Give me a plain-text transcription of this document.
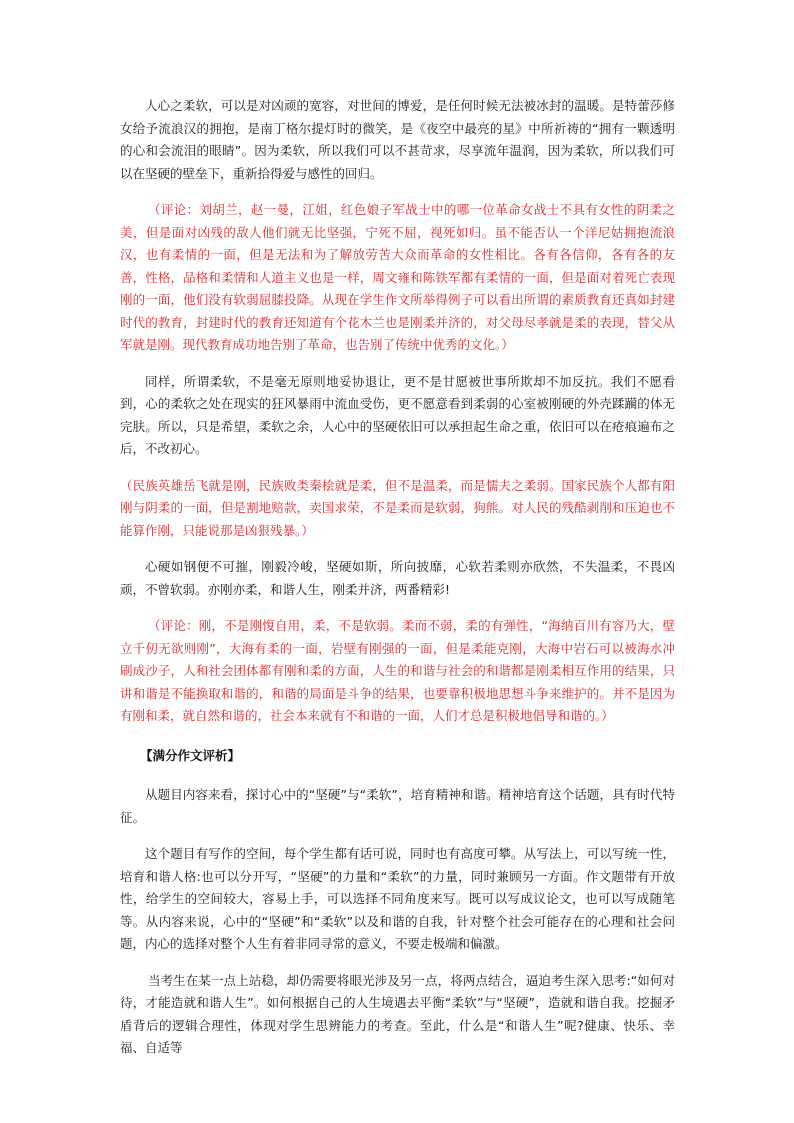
人心之柔软，可以是对凶顽的宽容，对世间的博爱，是任何时候无法被冰封的温暖。是特蕾莎修女给予流浪汉的拥抱，是南丁格尔提灯时的微笑，是《夜空中最亮的星》中所祈祷的“拥有一颗透明的心和会流泪的眼睛”。因为柔软，所以我们可以不甚苛求，尽享流年温润，因为柔软，所以我们可以在坚硬的壁垒下，重新拾得爱与感性的回归。

（评论：刘胡兰，赵一曼，江姐，红色娘子军战士中的哪一位革命女战士不具有女性的阴柔之美，但是面对凶残的敌人他们就无比坚强，宁死不屈，视死如归。虽不能否认一个洋尼姑拥抱流浪汉，也有柔情的一面，但是无法和为了解放劳苦大众而革命的女性相比。各有各信仰，各有各的友善，性格，品格和柔情和人道主义也是一样，周文雍和陈铁军都有柔情的一面，但是面对着死亡表现刚的一面，他们没有软弱屈膝投降。从现在学生作文所举得例子可以看出所谓的素质教育还真如封建时代的教育，封建时代的教育还知道有个花木兰也是刚柔并济的，对父母尽孝就是柔的表现，替父从军就是刚。现代教育成功地告别了革命，也告别了传统中优秀的文化。）

同样，所谓柔软，不是毫无原则地妥协退让，更不是甘愿被世事所欺却不加反抗。我们不愿看到，心的柔软之处在现实的狂风暴雨中流血受伤，更不愿意看到柔弱的心室被刚硬的外壳蹂躏的体无完肤。所以，只是希望，柔软之余，人心中的坚硬依旧可以承担起生命之重，依旧可以在疮痕遍布之后，不改初心。

（民族英雄岳飞就是刚，民族败类秦桧就是柔，但不是温柔，而是懦夫之柔弱。国家民族个人都有阳刚与阴柔的一面，但是割地赔款，卖国求荣，不是柔而是软弱，狗熊。对人民的残酷剥削和压迫也不能算作刚，只能说那是凶狠残暴。）

心硬如钢便不可摧，刚毅冷峻，坚硬如斯，所向披靡，心软若柔则亦欣然，不失温柔，不畏凶顽，不曾软弱。亦刚亦柔，和谐人生，刚柔并济，两番精彩!

（评论：刚，不是刚愎自用，柔，不是软弱。柔而不弱，柔的有弹性，“海纳百川有容乃大，壁立千仞无欲则刚”，大海有柔的一面，岩壁有刚强的一面，但是柔能克刚，大海中岩石可以被海水冲刷成沙子，人和社会团体都有刚和柔的方面，人生的和谐与社会的和谐都是刚柔相互作用的结果，只讲和谐是不能换取和谐的，和谐的局面是斗争的结果，也要靠积极地思想斗争来维护的。并不是因为有刚和柔，就自然和谐的，社会本来就有不和谐的一面，人们才总是积极地倡导和谐的。）

【满分作文评析】

从题目内容来看，探讨心中的“坚硬”与“柔软”，培育精神和谐。精神培育这个话题，具有时代特征。

这个题目有写作的空间，每个学生都有话可说，同时也有高度可攀。从写法上，可以写统一性，培育和谐人格:也可以分开写，“坚硬”的力量和“柔软”的力量，同时兼顾另一方面。作文题带有开放性，给学生的空间较大，容易上手，可以选择不同角度来写。既可以写成议论文，也可以写成随笔等。从内容来说，心中的“坚硬”和“柔软”以及和谐的自我，针对整个社会可能存在的心理和社会问题，内心的选择对整个人生有着非同寻常的意义，不要走极端和偏激。

当考生在某一点上站稳，却仍需要将眼光涉及另一点，将两点结合，逼迫考生深入思考:“如何对待，才能造就和谐人生”。如何根据自己的人生境遇去平衡“柔软”与“坚硬”，造就和谐自我。挖掘矛盾背后的逻辑合理性，体现对学生思辨能力的考查。至此，什么是“和谐人生”呢?健康、快乐、幸福、自适等
